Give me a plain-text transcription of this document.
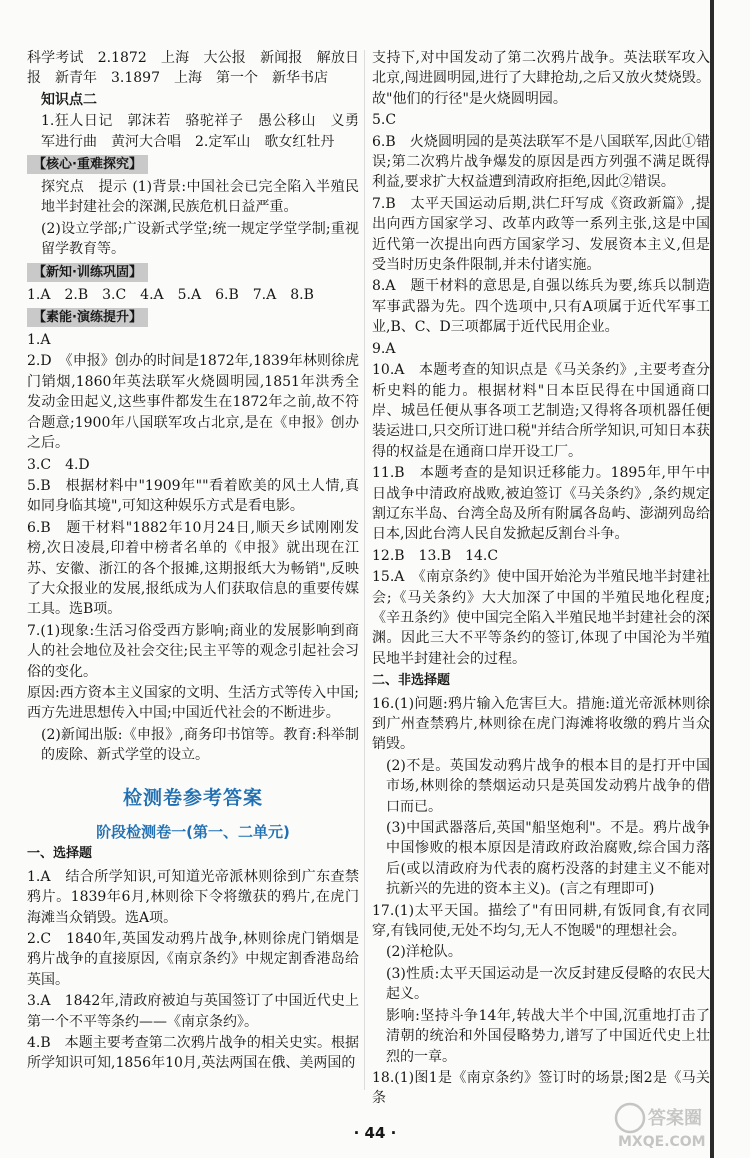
科学考试　2.1872　上海　大公报　新闻报　解放日报　新青年　3.1897　上海　第一个　新华书店

知识点二

1.狂人日记　郭沫若　骆驼祥子　愚公移山　义勇军进行曲　黄河大合唱　2.定军山　歌女红牡丹

【核心·重难探究】

探究点　提示 (1)背景:中国社会已完全陷入半殖民地半封建社会的深渊,民族危机日益严重。

(2)设立学部;广设新式学堂;统一规定学堂学制;重视留学教育等。

【新知·训练巩固】

1.A　2.B　3.C　4.A　5.A　6.B　7.A　8.B

【素能·演练提升】

1.A

2.D　《申报》创办的时间是1872年,1839年林则徐虎门销烟,1860年英法联军火烧圆明园,1851年洪秀全发动金田起义,这些事件都发生在1872年之前,故不符合题意;1900年八国联军攻占北京,是在《申报》创办之后。

3.C　4.D

5.B　根据材料中"1909年""看着欧美的风土人情,真如同身临其境",可知这种娱乐方式是看电影。

6.B　题干材料"1882年10月24日,顺天乡试刚刚发榜,次日凌晨,印着中榜者名单的《申报》就出现在江苏、安徽、浙江的各个报摊,这期报纸大为畅销",反映了大众报业的发展,报纸成为人们获取信息的重要传媒工具。选B项。

7.(1)现象:生活习俗受西方影响;商业的发展影响到商人的社会地位及社会交往;民主平等的观念引起社会习俗的变化。

原因:西方资本主义国家的文明、生活方式等传入中国;西方先进思想传入中国;中国近代社会的不断进步。

(2)新闻出版:《申报》,商务印书馆等。教育:科举制的废除、新式学堂的设立。

检测卷参考答案
阶段检测卷一(第一、二单元)
一、选择题

1.A　结合所学知识,可知道光帝派林则徐到广东查禁鸦片。1839年6月,林则徐下令将缴获的鸦片,在虎门海滩当众销毁。选A项。

2.C　1840年,英国发动鸦片战争,林则徐虎门销烟是鸦片战争的直接原因,《南京条约》中规定割香港岛给英国。

3.A　1842年,清政府被迫与英国签订了中国近代史上第一个不平等条约——《南京条约》。

4.B　本题主要考查第二次鸦片战争的相关史实。根据所学知识可知,1856年10月,英法两国在俄、美两国的

支持下,对中国发动了第二次鸦片战争。英法联军攻入北京,闯进圆明园,进行了大肆抢劫,之后又放火焚烧毁。故"他们的行径"是火烧圆明园。

5.C

6.B　火烧圆明园的是英法联军不是八国联军,因此①错误;第二次鸦片战争爆发的原因是西方列强不满足既得利益,要求扩大权益遭到清政府拒绝,因此②错误。

7.B　太平天国运动后期,洪仁玕写成《资政新篇》,提出向西方国家学习、改革内政等一系列主张,这是中国近代第一次提出向西方国家学习、发展资本主义,但是受当时历史条件限制,并未付诸实施。

8.A　题干材料的意思是,自强以练兵为要,练兵以制造军事武器为先。四个选项中,只有A项属于近代军事工业,B、C、D三项都属于近代民用企业。

9.A

10.A　本题考查的知识点是《马关条约》,主要考查分析史料的能力。根据材料"日本臣民得在中国通商口岸、城邑任便从事各项工艺制造;又得将各项机器任便装运进口,只交所订进口税"并结合所学知识,可知日本获得的权益是在通商口岸开设工厂。

11.B　本题考查的是知识迁移能力。1895年,甲午中日战争中清政府战败,被迫签订《马关条约》,条约规定割辽东半岛、台湾全岛及所有附属各岛屿、澎湖列岛给日本,因此台湾人民自发掀起反割台斗争。

12.B　13.B　14.C

15.A　《南京条约》使中国开始沦为半殖民地半封建社会;《马关条约》大大加深了中国的半殖民地化程度;《辛丑条约》使中国完全陷入半殖民地半封建社会的深渊。因此三大不平等条约的签订,体现了中国沦为半殖民地半封建社会的过程。

二、非选择题

16.(1)问题:鸦片输入危害巨大。措施:道光帝派林则徐到广州查禁鸦片,林则徐在虎门海滩将收缴的鸦片当众销毁。

(2)不是。英国发动鸦片战争的根本目的是打开中国市场,林则徐的禁烟运动只是英国发动鸦片战争的借口而已。

(3)中国武器落后,英国"船坚炮利"。不是。鸦片战争中国惨败的根本原因是清政府政治腐败,综合国力落后(或以清政府为代表的腐朽没落的封建主义不能对抗新兴的先进的资本主义)。(言之有理即可)

17.(1)太平天国。描绘了"有田同耕,有饭同食,有衣同穿,有钱同使,无处不均匀,无人不饱暖"的理想社会。

(2)洋枪队。

(3)性质:太平天国运动是一次反封建反侵略的农民大起义。

影响:坚持斗争14年,转战大半个中国,沉重地打击了清朝的统治和外国侵略势力,谱写了中国近代史上壮烈的一章。

18.(1)图1是《南京条约》签订时的场景;图2是《马关条

· 44 ·
答案圈
MXQE.COM
